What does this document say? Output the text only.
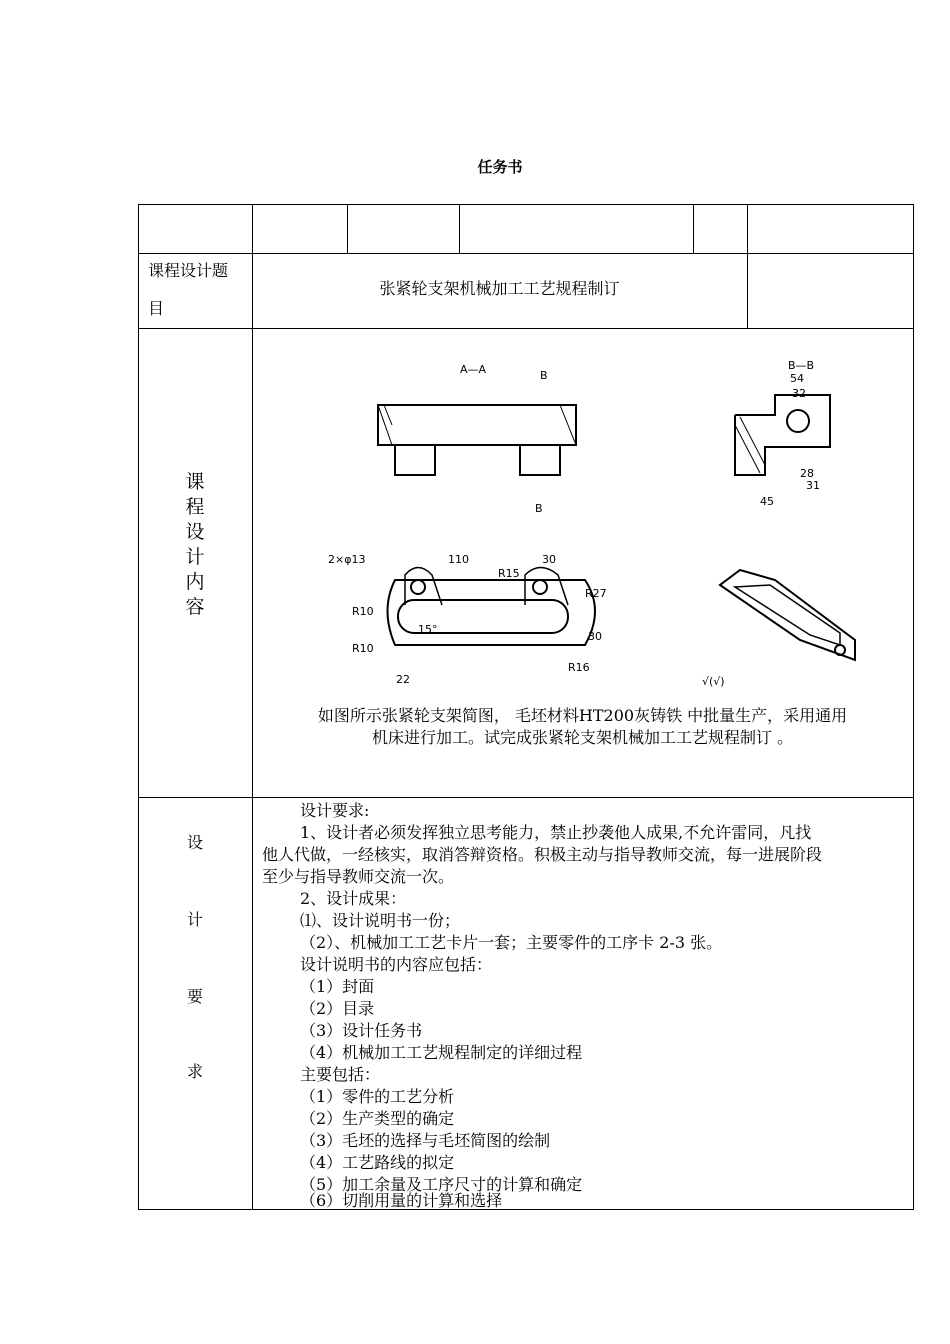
任务书
课程设计题
目
张紧轮支架机械加工工艺规程制订
课
程
设
计
内
容
A—A	B—B
B
B
54
32
28
31
45
110	30
R15
R27
R10
R10
R16
15°
22
30
2×φ13
√(√)
如图所示张紧轮支架简图， 毛坯材料HT200灰铸铁 中批量生产，采用通用
机床进行加工。试完成张紧轮支架机械加工工艺规程制订 。
设
计
要
求
设计要求:
1、设计者必须发挥独立思考能力，禁止抄袭他人成果,不允许雷同，凡找
他人代做，一经核实，取消答辩资格。积极主动与指导教师交流，每一进展阶段
至少与指导教师交流一次。
2、设计成果：
⑴、设计说明书一份；
（2）、机械加工工艺卡片一套；主要零件的工序卡 2-3 张。
设计说明书的内容应包括：
（1）封面
（2）目录
（3）设计任务书
（4）机械加工工艺规程制定的详细过程
主要包括：
（1）零件的工艺分析
（2）生产类型的确定
（3）毛坯的选择与毛坯简图的绘制
（4）工艺路线的拟定
（5）加工余量及工序尺寸的计算和确定
（6）切削用量的计算和选择
